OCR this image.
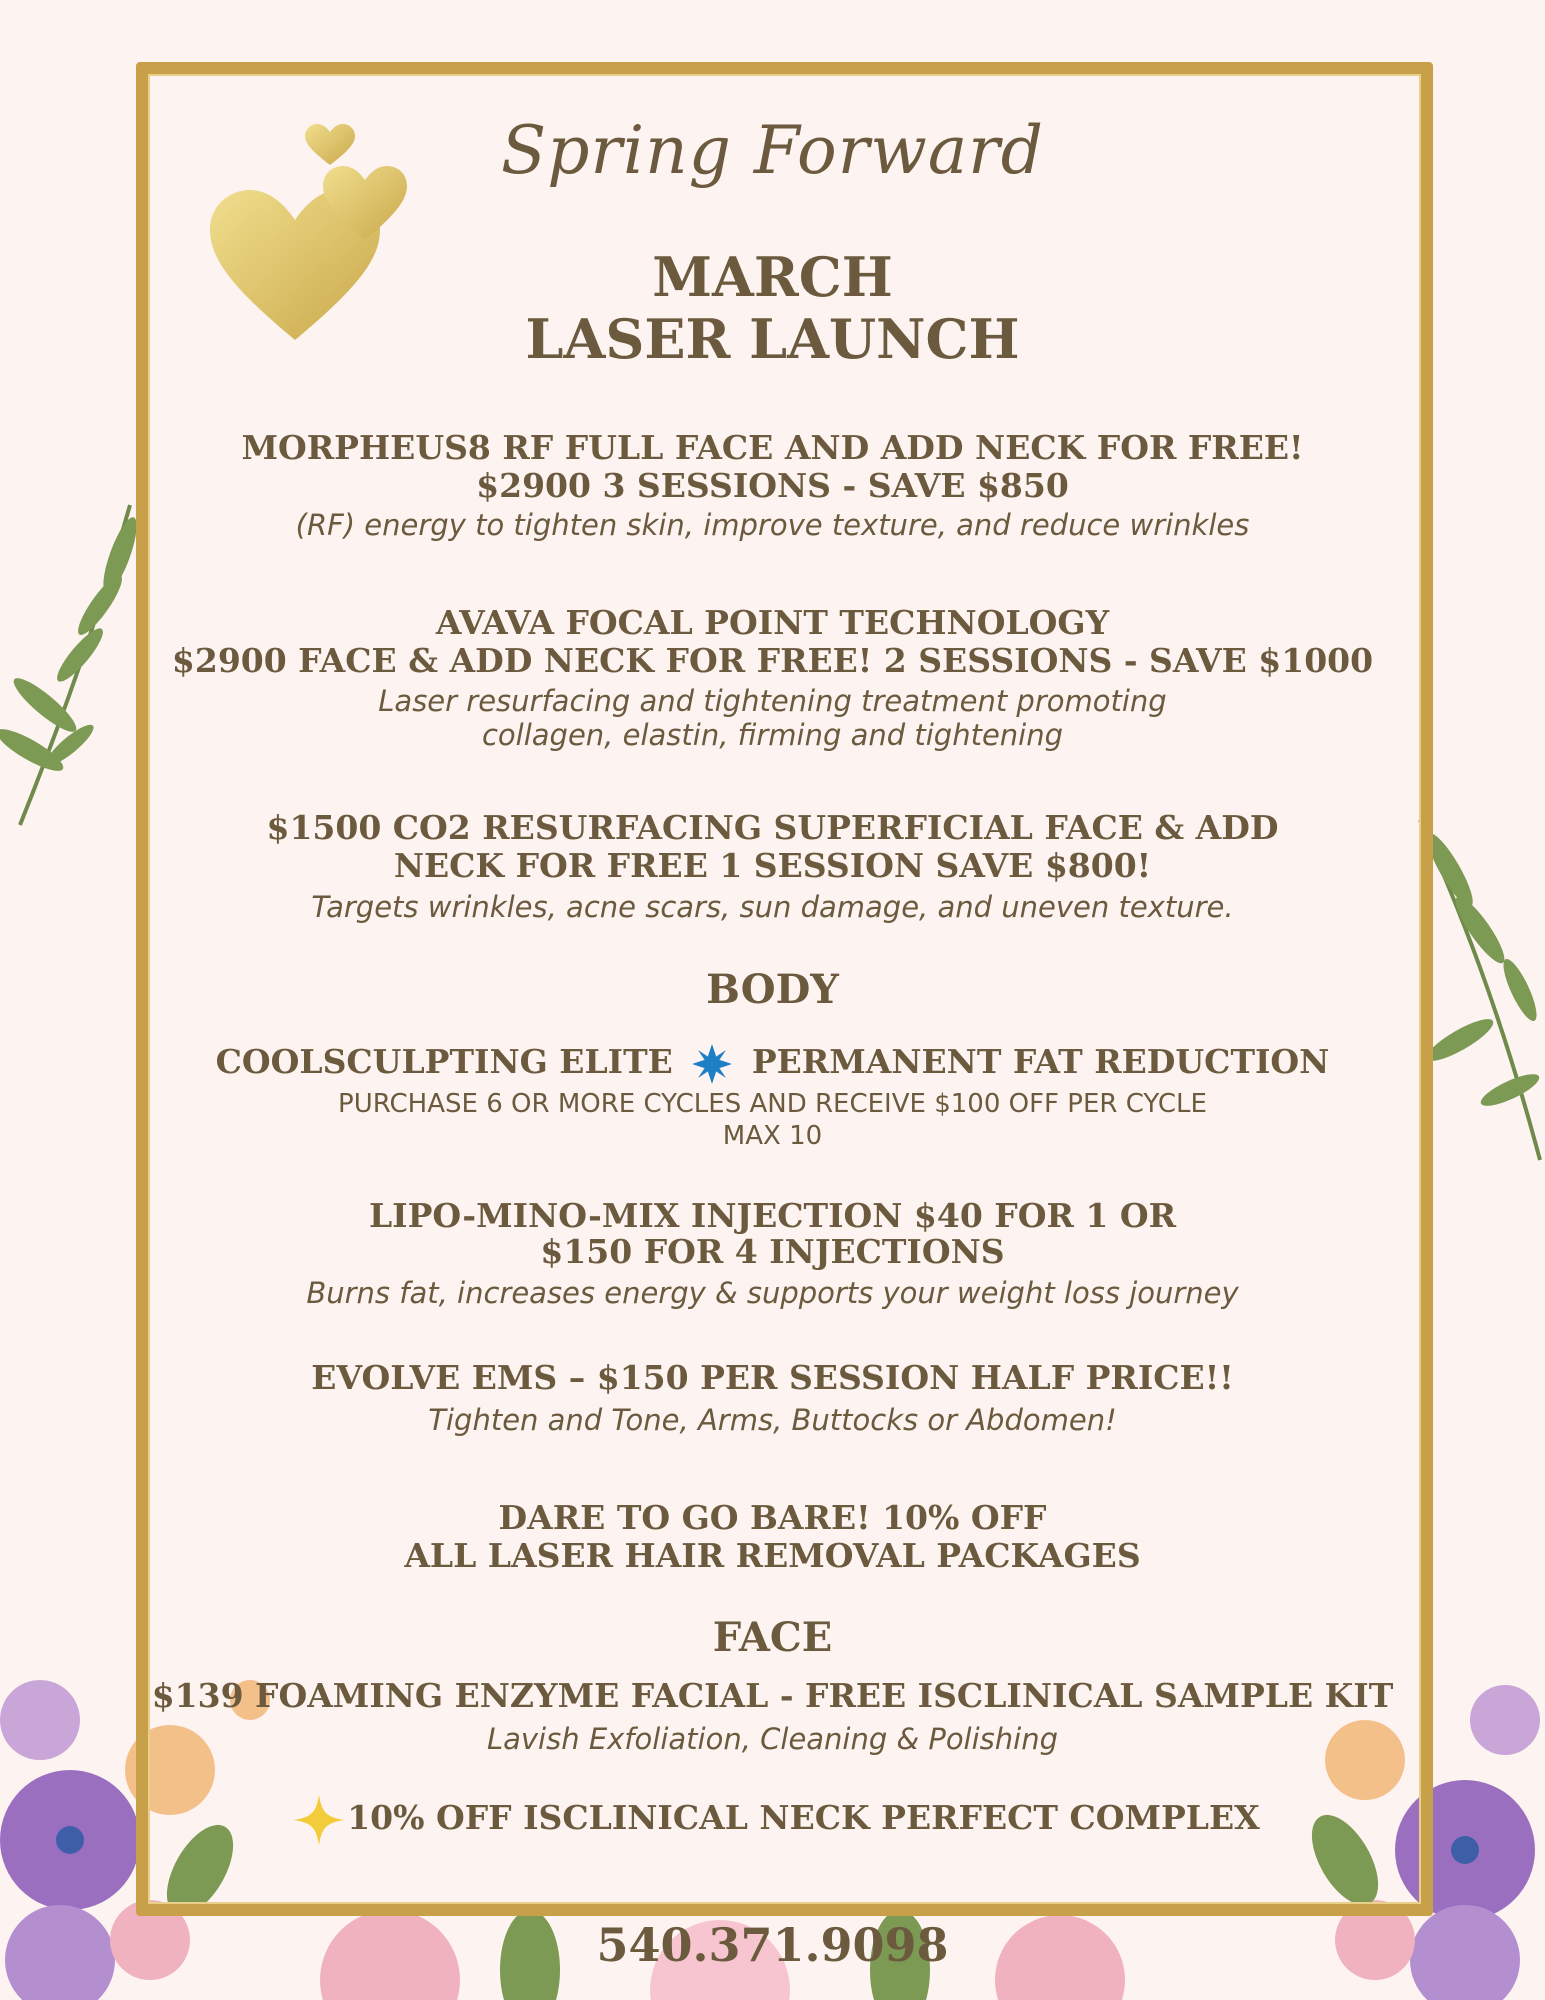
Spring Forward
MARCH
LASER LAUNCH
MORPHEUS8 RF FULL FACE AND ADD NECK FOR FREE!
$2900 3 SESSIONS - SAVE $850
(RF) energy to tighten skin, improve texture, and reduce wrinkles
AVAVA FOCAL POINT TECHNOLOGY
$2900 FACE & ADD NECK FOR FREE! 2 SESSIONS - SAVE $1000
Laser resurfacing and tightening treatment promoting
collagen, elastin, firming and tightening
$1500 CO2 RESURFACING SUPERFICIAL FACE & ADD
NECK FOR FREE 1 SESSION SAVE $800!
Targets wrinkles, acne scars, sun damage, and uneven texture.
BODY
COOLSCULPTING ELITE PERMANENT FAT REDUCTION
PURCHASE 6 OR MORE CYCLES AND RECEIVE $100 OFF PER CYCLE
MAX 10
LIPO-MINO-MIX INJECTION $40 FOR 1 OR
$150 FOR 4 INJECTIONS
Burns fat, increases energy & supports your weight loss journey
EVOLVE EMS – $150 PER SESSION HALF PRICE!!
Tighten and Tone, Arms, Buttocks or Abdomen!
DARE TO GO BARE! 10% OFF
ALL LASER HAIR REMOVAL PACKAGES
FACE
$139 FOAMING ENZYME FACIAL - FREE ISCLINICAL SAMPLE KIT
Lavish Exfoliation, Cleaning & Polishing
10% OFF ISCLINICAL NECK PERFECT COMPLEX
540.371.9098
